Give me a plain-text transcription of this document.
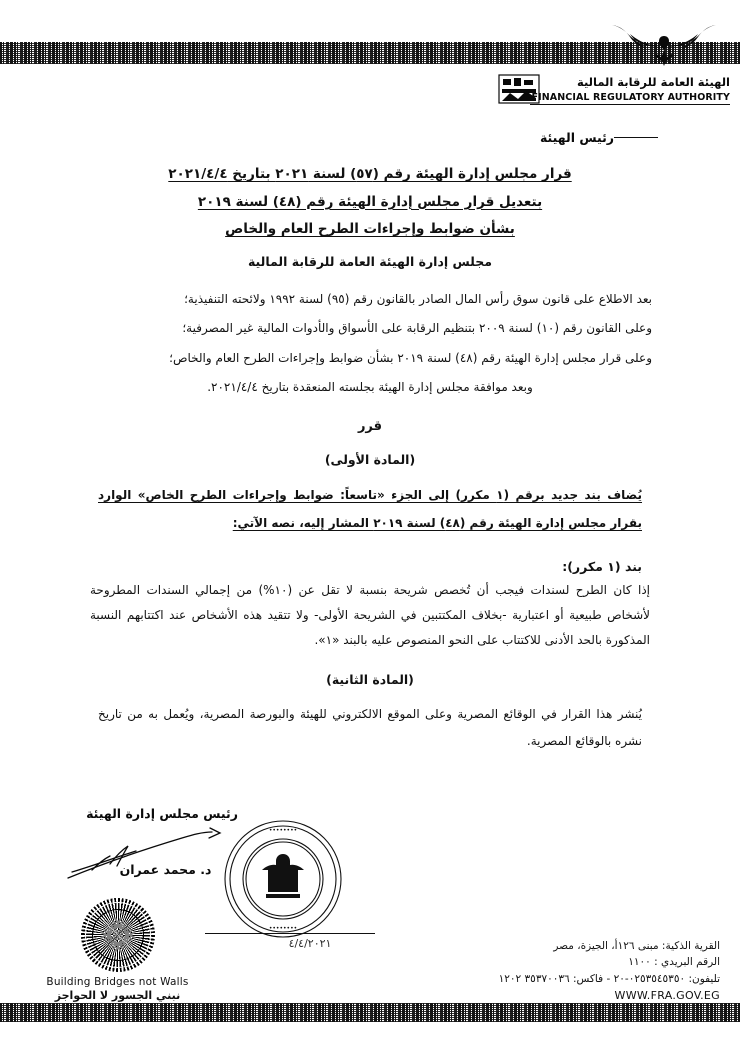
الهيئة العامة للرقابة المالية
FINANCIAL REGULATORY AUTHORITY
رئيس الهيئة
قرار مجلس إدارة الهيئة رقم (٥٧) لسنة ٢٠٢١ بتاريخ ٢٠٢١/٤/٤
بتعديل قرار مجلس إدارة الهيئة رقم (٤٨) لسنة ٢٠١٩
بشأن ضوابط وإجراءات الطرح العام والخاص
مجلس إدارة الهيئة العامة للرقابة المالية
بعد الاطلاع على قانون سوق رأس المال الصادر بالقانون رقم (٩٥) لسنة ١٩٩٢ ولائحته التنفيذية؛
وعلى القانون رقم (١٠) لسنة ٢٠٠٩ بتنظيم الرقابة على الأسواق والأدوات المالية غير المصرفية؛
وعلى قرار مجلس إدارة الهيئة رقم (٤٨) لسنة ٢٠١٩ بشأن ضوابط وإجراءات الطرح العام والخاص؛
وبعد موافقة مجلس إدارة الهيئة بجلسته المنعقدة بتاريخ ٢٠٢١/٤/٤.
قرر
(المادة الأولى)
يُضاف بند جديد برقم (١ مكرر) إلى الجزء «تاسعاً: ضوابط وإجراءات الطرح الخاص» الوارد بقرار مجلس إدارة الهيئة رقم (٤٨) لسنة ٢٠١٩ المشار إليه، نصه الآتي:
بند (١ مكرر):
إذا كان الطرح لسندات فيجب أن تُخصص شريحة بنسبة لا تقل عن (١٠%) من إجمالي السندات المطروحة لأشخاص طبيعية أو اعتبارية -بخلاف المكتتبين في الشريحة الأولى- ولا تتقيد هذه الأشخاص عند اكتتابهم النسبة المذكورة بالحد الأدنى للاكتتاب على النحو المنصوص عليه بالبند «١».
(المادة الثانية)
يُنشر هذا القرار في الوقائع المصرية وعلى الموقع الالكتروني للهيئة والبورصة المصرية، ويُعمل به من تاريخ نشره بالوقائع المصرية.
رئيس مجلس إدارة الهيئة
د. محمد عمران
••••••••
••••••••
٤/٤/٢٠٢١
Building Bridges not Walls
نبني الجسور لا الحواجز
القرية الذكية: مبنى ١٢٦أ، الجيزة، مصر
الرقم البريدي : ١١٠٠
تليفون: ٠٢٥٣٥٤٥٣٥٠-٢٠ - فاكس: ٣٥٣٧٠٠٣٦ ١٢٠٢
WWW.FRA.GOV.EG
